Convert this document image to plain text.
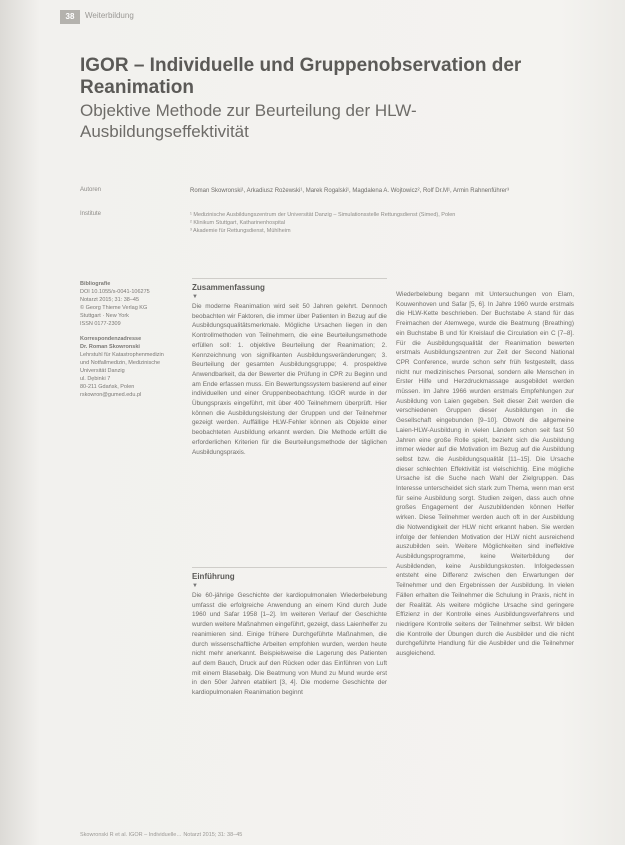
38	Weiterbildung
IGOR – Individuelle und Gruppenobservation der Reanimation
Objektive Methode zur Beurteilung der HLW-Ausbildungseffektivität
Autoren	Roman Skowronski¹, Arkadiusz Rożewski¹, Marek Rogalski¹, Magdalena A. Wojtowicz², Rolf Dr.M¹, Armin Rahnenführer³
Institute	¹ Medizinische Ausbildungszentrum der Universität Danzig – Simulationsstelle Rettungsdienst (Simed), Polen
² Klinikum Stuttgart, Katharinenhospital
³ Akademie für Rettungsdienst, Mühlheim
Bibliografie
DOI 10.1055/s-0041-106275
Notarzt 2015; 31: 38–45
© Georg Thieme Verlag KG
Stuttgart · New York
ISSN 0177-2309
Korrespondenzadresse
Dr. Roman Skowronski
Lehrstuhl für Katastrophenmedizin
und Notfallmedizin, Medizinische
Universität Danzig
ul. Dębinki 7
80-211 Gdańsk, Polen
rskowron@gumed.edu.pl
Zusammenfassung
▼

Die moderne Reanimation wird seit 50 Jahren gelehrt. Dennoch beobachten wir Faktoren, die immer über Patienten in Bezug auf die Ausbildungsqualitätsmerkmale. Mögliche Ursachen liegen in den Kontrollmethoden von Teilnehmern, die eine Beurteilungsmethode erfüllen soll: 1. objektive Beurteilung der Reanimation; 2. Kennzeichnung von signifikanten Ausbildungsveränderungen; 3. Beurteilung der gesamten Ausbildungsgruppe; 4. prospektive Anwendbarkeit, da der Bewerter die Prüfung in CPR zu Beginn und am Ende erfassen muss. Ein Bewertungssystem basierend auf einer individuellen und einer Gruppenbeobachtung. IGOR wurde in der Übungspraxis eingeführt, mit über 400 Teilnehmern überprüft. Hier können die Ausbildungsleistung der Gruppen und der Teilnehmer gezeigt werden. Auffällige HLW-Fehler können als Objekte einer beobachteten Ausbildung erkannt werden. Die Methode erfüllt die erforderlichen Kriterien für die Beurteilungsmethode der täglichen Ausbildungspraxis.

Einführung
▼

Die 60-jährige Geschichte der kardiopulmonalen Wiederbelebung umfasst die erfolgreiche Anwendung an einem Kind durch Jude 1960 und Safar 1958 [1–2]. Im weiteren Verlauf der Geschichte wurden weitere Maßnahmen eingeführt, gezeigt, dass Laienhelfer zu reanimieren sind. Einige frühere Durchgeführte Maßnahmen, die durch wissenschaftliche Arbeiten empfohlen wurden, werden heute nicht mehr anerkannt. Beispielsweise die Lagerung des Patienten auf dem Bauch, Druck auf den Rücken oder das Einführen von Luft mit einem Blasebalg. Die Beatmung von Mund zu Mund wurde erst in den 50er Jahren etabliert [3, 4]. Die moderne Geschichte der kardiopulmonalen Reanimation beginnt

Wiederbelebung begann mit Untersuchungen von Elam, Kouwenhoven und Safar [5, 6]. In Jahre 1960 wurde erstmals die HLW-Kette beschrieben. Der Buchstabe A stand für das Freimachen der Atemwege, wurde die Beatmung (Breathing) ein Buchstabe B und für Kreislauf die Circulation ein C [7–8]. Für die Ausbildungsqualität der Reanimation bewerten erstmals Ausbildungszentren zur Zeit der Second National CPR Conference, wurde schon sehr früh festgestellt, dass nicht nur medizinisches Personal, sondern alle Menschen in Erster Hilfe und Herzdruckmassage ausgebildet werden müssen. Im Jahre 1966 wurden erstmals Empfehlungen zur Ausbildung von Laien gegeben. Seit dieser Zeit werden die verschiedenen Gruppen dieser Ausbildungen in die Gesellschaft eingebunden [9–10]. Obwohl die allgemeine Laien-HLW-Ausbildung in vielen Ländern schon seit fast 50 Jahren eine große Rolle spielt, bezieht sich die Ausbildung immer wieder auf die Motivation im Bezug auf die Ausbildung selbst bzw. die Ausbildungsqualität [11–15]. Die Ursache dieser schlechten Effektivität ist vielschichtig. Eine mögliche Ursache ist die Suche nach Wahl der Zielgruppen. Das Interesse unterscheidet sich stark zum Thema, wenn man erst für seine Ausbildung sorgt. Studien zeigen, dass auch ohne großes Engagement der Auszubildenden können Helfer wirken. Diese Teilnehmer werden auch oft in der Ausbildung die Notwendigkeit der HLW nicht erkannt haben. Sie werden infolge der fehlenden Motivation der HLW nicht ausreichend auszubilden sein. Weitere Möglichkeiten sind ineffektive Ausbildungsprogramme, keine Weiterbildung der Ausbildenden, keine Ausbildungskosten. Infolgedessen entsteht eine Differenz zwischen den Erwartungen der Teilnehmer und den Ergebnissen der Ausbildung. In vielen Fällen erhalten die Teilnehmer die Schulung in Praxis, nicht in der Realität. Als weitere mögliche Ursache sind geringere Effizienz in der Kontrolle eines Ausbildungsverfahrens und niedrigere Kontrolle seitens der Teilnehmer selbst. Wir bilden die Kontrolle der Übungen durch die Ausbilder und die nicht durchgeführte Handlung für die Ausbilder und die Teilnehmer ausgleichend.

Skowronski R et al. IGOR – Individuelle… Notarzt 2015; 31: 38–45
